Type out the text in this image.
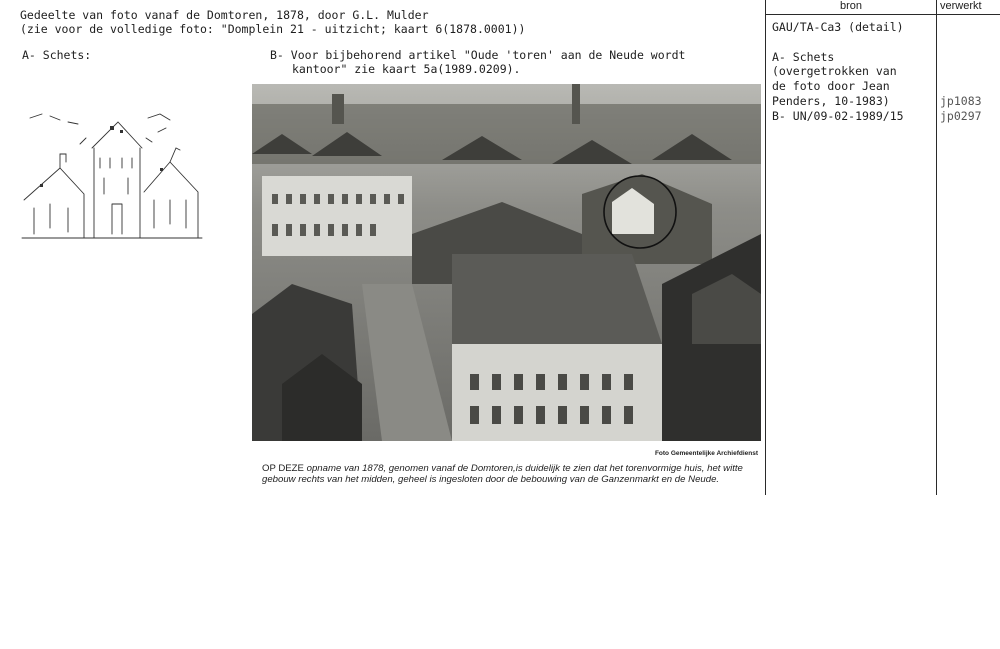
Gedeelte van foto vanaf de Domtoren, 1878, door G.L. Mulder
(zie voor de volledige foto: "Domplein 21 - uitzicht; kaart 6(1878.0001))
A- Schets:	B- Voor bijbehorend artikel "Oude 'toren' aan de Neude wordt
kantoor" zie kaart 5a(1989.0209).
Foto Gemeentelijke Archiefdienst
OP DEZE opname van 1878, genomen vanaf de Domtoren,is duidelijk te zien dat het torenvormige huis, het witte gebouw rechts van het midden, geheel is ingesloten door de bebouwing van de Ganzenmarkt en de Neude.
bron	verwerkt
GAU/TA-Ca3 (detail)
A- Schets
(overgetrokken van
de foto door Jean
Penders, 10-1983)
B- UN/09-02-1989/15
jp1083
jp0297
